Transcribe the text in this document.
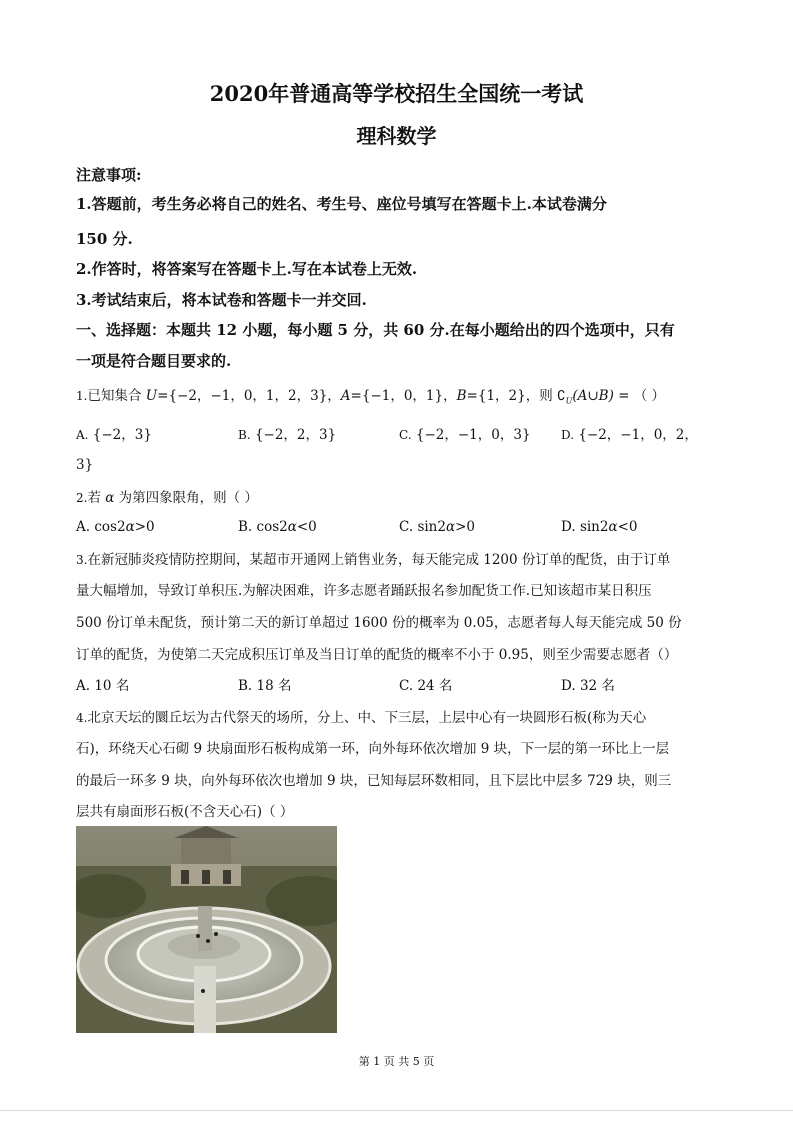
2020年普通高等学校招生全国统一考试
理科数学
注意事项:
1.答题前，考生务必将自己的姓名、考生号、座位号填写在答题卡上.本试卷满分
150 分.
2.作答时，将答案写在答题卡上.写在本试卷上无效.
3.考试结束后，将本试卷和答题卡一并交回.
一、选择题：本题共 12 小题，每小题 5 分，共 60 分.在每小题给出的四个选项中，只有
一项是符合题目要求的.
1.已知集合 U={−2，−1，0，1，2，3}，A={−1，0，1}，B={1，2}，则 $∁_U(A\cup B)$ = （ ）
A. {−2，3}	B. {−2，2，3}	C. {−2，−1，0，3}	D. {−2，−1，0，2，
3}
2.若 α 为第四象限角，则（ ）
A. cos2α>0	B. cos2α<0	C. sin2α>0	D. sin2α<0
3.在新冠肺炎疫情防控期间，某超市开通网上销售业务，每天能完成 1200 份订单的配货，由于订单
量大幅增加，导致订单积压.为解决困难，许多志愿者踊跃报名参加配货工作.已知该超市某日积压
500 份订单未配货，预计第二天的新订单超过 1600 份的概率为 0.05，志愿者每人每天能完成 50 份
订单的配货，为使第二天完成积压订单及当日订单的配货的概率不小于 0.95，则至少需要志愿者（）
A. 10 名	B. 18 名	C. 24 名	D. 32 名
4.北京天坛的圜丘坛为古代祭天的场所，分上、中、下三层，上层中心有一块圆形石板(称为天心
石)，环绕天心石砌 9 块扇面形石板构成第一环，向外每环依次增加 9 块，下一层的第一环比上一层
的最后一环多 9 块，向外每环依次也增加 9 块，已知每层环数相同，且下层比中层多 729 块，则三
层共有扇面形石板(不含天心石)（ ）
第 1 页 共 5 页
